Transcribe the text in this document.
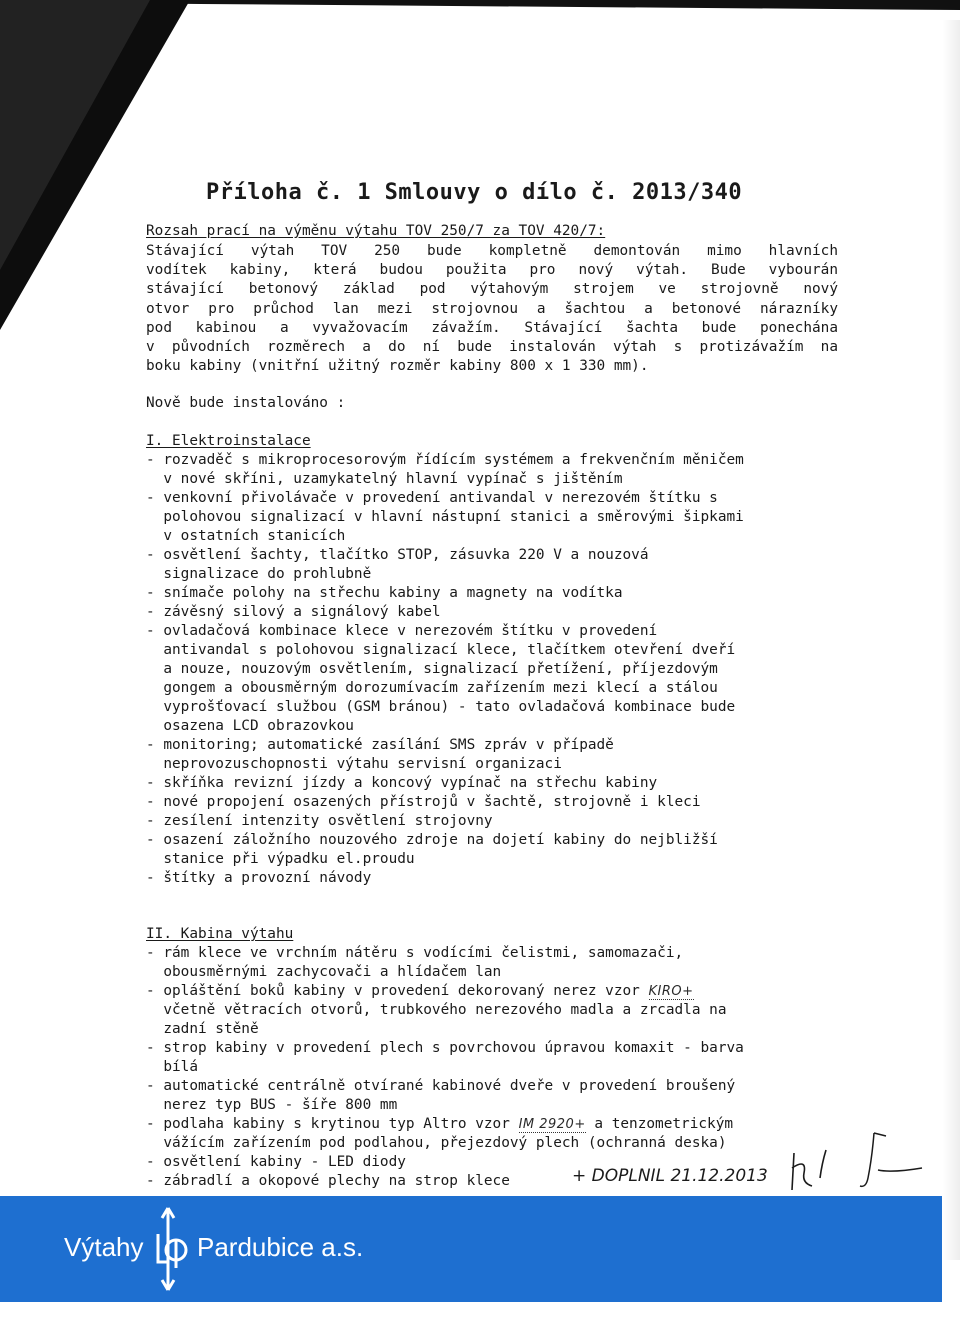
Příloha č. 1 Smlouvy o dílo č. 2013/340
Rozsah prací na výměnu výtahu TOV 250/7 za TOV 420/7:
Stávající výtah TOV 250 bude kompletně demontován mimo hlavních
vodítek kabiny, která budou použita pro nový výtah. Bude vybourán
stávající betonový základ pod výtahovým strojem ve strojovně nový
otvor pro průchod lan mezi strojovnou a šachtou a betonové nárazníky
pod kabinou a vyvažovacím závažím. Stávající šachta bude ponechána
v původních rozměrech a do ní bude instalován výtah s protizávažím na
boku kabiny (vnitřní užitný rozměr kabiny 800 x 1 330 mm).
Nově bude instalováno :
I. Elektroinstalace
- rozvaděč s mikroprocesorovým řídícím systémem a frekvenčním měničem
v nové skříni, uzamykatelný hlavní vypínač s jištěním
- venkovní přivolávače v provedení antivandal v nerezovém štítku s
polohovou signalizací v hlavní nástupní stanici a směrovými šipkami
v ostatních stanicích
- osvětlení šachty, tlačítko STOP, zásuvka 220 V a nouzová
signalizace do prohlubně
- snímače polohy na střechu kabiny a magnety na vodítka
- závěsný silový a signálový kabel
- ovladačová kombinace klece v nerezovém štítku v provedení
antivandal s polohovou signalizací klece, tlačítkem otevření dveří
a nouze, nouzovým osvětlením, signalizací přetížení, příjezdovým
gongem a obousměrným dorozumívacím zařízením mezi klecí a stálou
vyprošťovací službou (GSM bránou) - tato ovladačová kombinace bude
osazena LCD obrazovkou
- monitoring; automatické zasílání SMS zpráv v případě
neprovozuschopnosti výtahu servisní organizaci
- skříňka revizní jízdy a koncový vypínač na střechu kabiny
- nové propojení osazených přístrojů v šachtě, strojovně i kleci
- zesílení intenzity osvětlení strojovny
- osazení záložního nouzového zdroje na dojetí kabiny do nejbližší
stanice při výpadku el.proudu
- štítky a provozní návody
II. Kabina výtahu
- rám klece ve vrchním nátěru s vodícími čelistmi, samomazači,
obousměrnými zachycovači a hlídačem lan
- opláštění boků kabiny v provedení dekorovaný nerez vzor KIRO+
včetně větracích otvorů, trubkového nerezového madla a zrcadla na
zadní stěně
- strop kabiny v provedení plech s povrchovou úpravou komaxit - barva
bílá
- automatické centrálně otvírané kabinové dveře v provedení broušený
nerez typ BUS - šíře 800 mm
- podlaha kabiny s krytinou typ Altro vzor IM 2920+ a tenzometrickým
vážícím zařízením pod podlahou, přejezdový plech (ochranná deska)
- osvětlení kabiny - LED diody
- zábradlí a okopové plechy na strop klece	+ DOPLNIL 21.12.2013
Výtahy Pardubice a.s.
